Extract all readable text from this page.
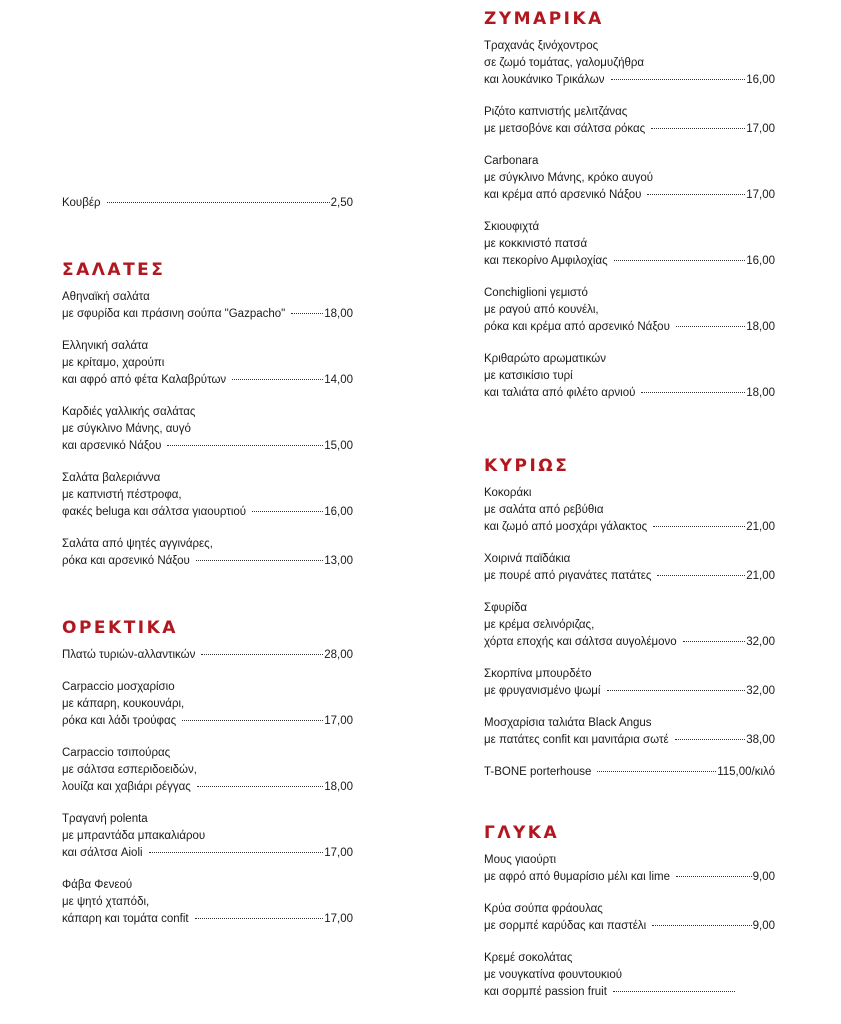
Κουβέρ	2,50
ΣΑΛΑΤΕΣ
Αθηναϊκή σαλάτα
με σφυρίδα και πράσινη σούπα "Gazpacho"	18,00
Ελληνική σαλάτα
με κρίταμο, χαρούπι
και αφρό από φέτα Καλαβρύτων	14,00
Καρδιές γαλλικής σαλάτας
με σύγκλινο Μάνης, αυγό
και αρσενικό Νάξου	15,00
Σαλάτα βαλεριάννα
με καπνιστή πέστροφα,
φακές beluga και σάλτσα γιαουρτιού	16,00
Σαλάτα από ψητές αγγινάρες,
ρόκα και αρσενικό Νάξου	13,00
ΟΡΕΚΤΙΚΑ
Πλατώ τυριών-αλλαντικών	28,00
Carpaccio μοσχαρίσιο
με κάπαρη, κουκουνάρι,
ρόκα και λάδι τρούφας	17,00
Carpaccio τσιπούρας
με σάλτσα εσπεριδοειδών,
λουίζα και χαβιάρι ρέγγας	18,00
Τραγανή polenta
με μπραντάδα μπακαλιάρου
και σάλτσα Aioli	17,00
Φάβα Φενεού
με ψητό χταπόδι,
κάπαρη και τομάτα confit	17,00
ΖΥΜΑΡΙΚΑ
Τραχανάς ξινόχοντρος
σε ζωμό τομάτας, γαλομυζήθρα
και λουκάνικο Τρικάλων	16,00
Ριζότο καπνιστής μελιτζάνας
με μετσοβόνε και σάλτσα ρόκας	17,00
Carbonara
με σύγκλινο Μάνης, κρόκο αυγού
και κρέμα από αρσενικό Νάξου	17,00
Σκιουφιχτά
με κοκκινιστό πατσά
και πεκορίνο Αμφιλοχίας	16,00
Conchiglioni γεμιστό
με ραγού από κουνέλι,
ρόκα και κρέμα από αρσενικό Νάξου	18,00
Κριθαρώτο αρωματικών
με κατσικίσιο τυρί
και ταλιάτα από φιλέτο αρνιού	18,00
ΚΥΡΙΩΣ
Κοκοράκι
με σαλάτα από ρεβύθια
και ζωμό από μοσχάρι γάλακτος	21,00
Χοιρινά παϊδάκια
με πουρέ από ριγανάτες πατάτες	21,00
Σφυρίδα
με κρέμα σελινόριζας,
χόρτα εποχής και σάλτσα αυγολέμονο	32,00
Σκορπίνα μπουρδέτο
με φρυγανισμένο ψωμί	32,00
Μοσχαρίσια ταλιάτα Black Angus
με πατάτες confit και μανιτάρια σωτέ	38,00
T-BONE porterhouse	115,00/κιλό
ΓΛΥΚΑ
Μους γιαούρτι
με αφρό από θυμαρίσιο μέλι και lime	9,00
Κρύα σούπα φράουλας
με σορμπέ καρύδας και παστέλι	9,00
Κρεμέ σοκολάτας
με νουγκατίνα φουντουκιού
και σορμπέ passion fruit
